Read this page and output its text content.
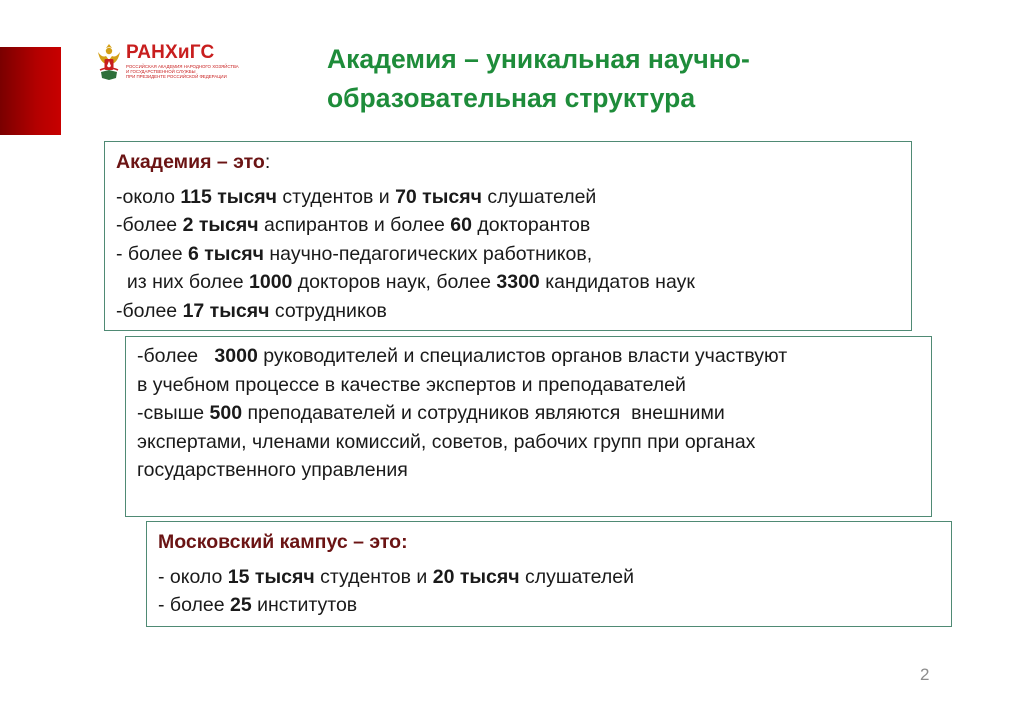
РАНХиГС
РОССИЙСКАЯ АКАДЕМИЯ НАРОДНОГО ХОЗЯЙСТВА
И ГОСУДАРСТВЕННОЙ СЛУЖБЫ
ПРИ ПРЕЗИДЕНТЕ РОССИЙСКОЙ ФЕДЕРАЦИИ
Академия – уникальная научно-
образовательная структура
Академия – это:
-около 115 тысяч студентов и 70 тысяч слушателей
-более 2 тысяч аспирантов и более 60 докторантов
- более 6 тысяч научно-педагогических работников,
из них более 1000 докторов наук, более 3300 кандидатов наук
-более 17 тысяч сотрудников
-более   3000 руководителей и специалистов органов власти участвуют
в учебном процессе в качестве экспертов и преподавателей
-свыше 500 преподавателей и сотрудников являются  внешними
экспертами, членами комиссий, советов, рабочих групп при органах
государственного управления
Московский кампус – это:
- около 15 тысяч студентов и 20 тысяч слушателей
- более 25 институтов
2
